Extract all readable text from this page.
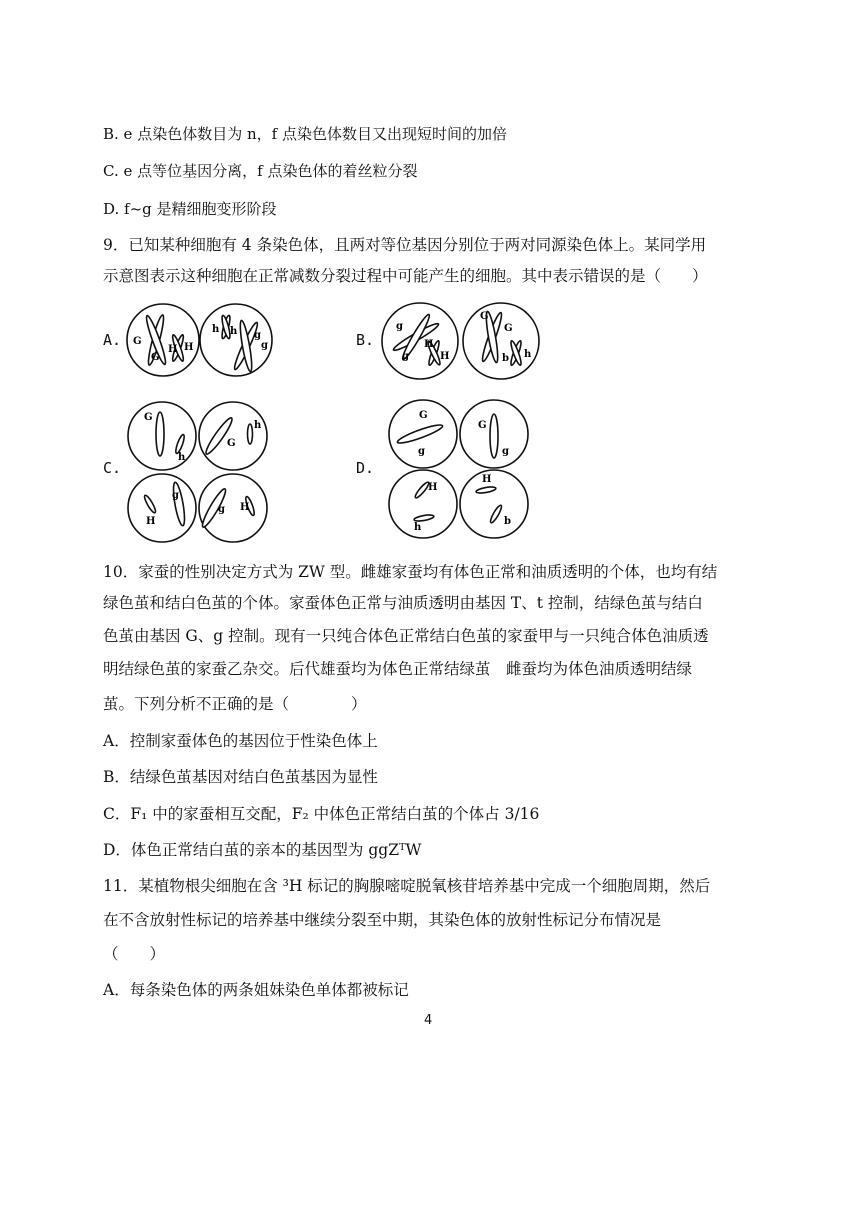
B. e 点染色体数目为 n，f 点染色体数目又出现短时间的加倍
C. e 点等位基因分离，f 点染色体的着丝粒分裂
D. f~g 是精细胞变形阶段
9．已知某种细胞有 4 条染色体，且两对等位基因分别位于两对同源染色体上。某同学用
示意图表示这种细胞在正常减数分裂过程中可能产生的细胞。其中表示错误的是（　　）
A.	B.
C.	D.
G
G
H H
h h g
g
g
g
H
H
G
G
b h
G
h
G
h
H
g
g H
G
g
G
g
H
h
H
b
10．家蚕的性别决定方式为 ZW 型。雌雄家蚕均有体色正常和油质透明的个体，也均有结
绿色茧和结白色茧的个体。家蚕体色正常与油质透明由基因 T、t 控制，结绿色茧与结白
色茧由基因 G、g 控制。现有一只纯合体色正常结白色茧的家蚕甲与一只纯合体色油质透
明结绿色茧的家蚕乙杂交。后代雄蚕均为体色正常结绿茧　雌蚕均为体色油质透明结绿
茧。下列分析不正确的是（　　　　）
A．控制家蚕体色的基因位于性染色体上
B．结绿色茧基因对结白色茧基因为显性
C．F₁ 中的家蚕相互交配，F₂ 中体色正常结白茧的个体占 3/16
D．体色正常结白茧的亲本的基因型为 ggZᵀW
11．某植物根尖细胞在含 ³H 标记的胸腺嘧啶脱氧核苷培养基中完成一个细胞周期，然后
在不含放射性标记的培养基中继续分裂至中期，其染色体的放射性标记分布情况是
（　　）
A．每条染色体的两条姐妹染色单体都被标记
4
